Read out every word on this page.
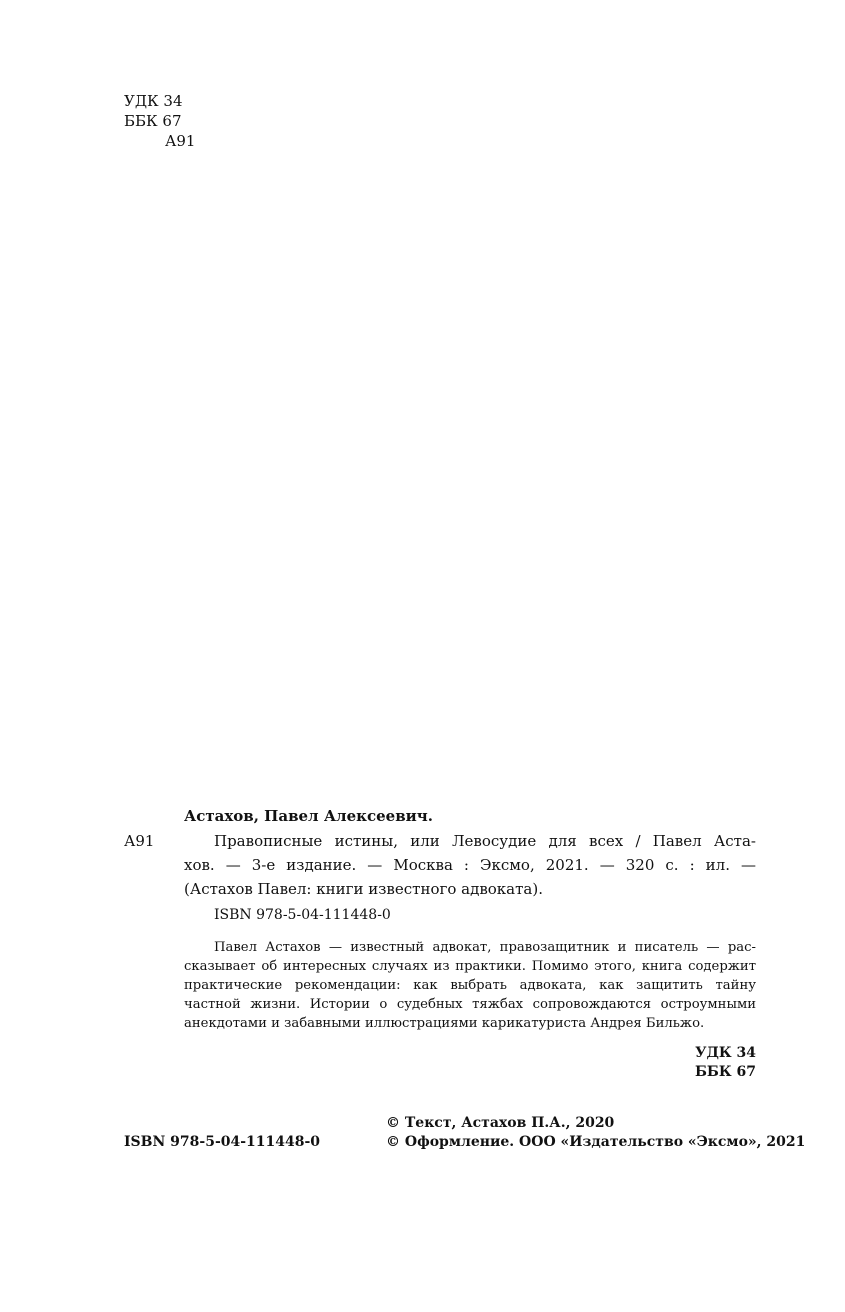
УДК 34
ББК 67
А91
Астахов, Павел Алексеевич.
А91	Правописные истины, или Левосудие для всех / Павел Аста-
хов. — 3-е издание. — Москва : Эксмо, 2021. — 320 с. : ил. —
(Астахов Павел: книги известного адвоката).
ISBN 978-5-04-111448-0
Павел Астахов — известный адвокат, правозащитник и писатель — рас-
сказывает об интересных случаях из практики. Помимо этого, книга содержит
практические рекомендации: как выбрать адвоката, как защитить тайну
частной жизни. Истории о судебных тяжбах сопровождаются остроумными
анекдотами и забавными иллюстрациями карикатуриста Андрея Бильжо.
УДК 34
ББК 67
© Текст, Астахов П.А., 2020
ISBN 978-5-04-111448-0	© Оформление. ООО «Издательство «Эксмо», 2021
